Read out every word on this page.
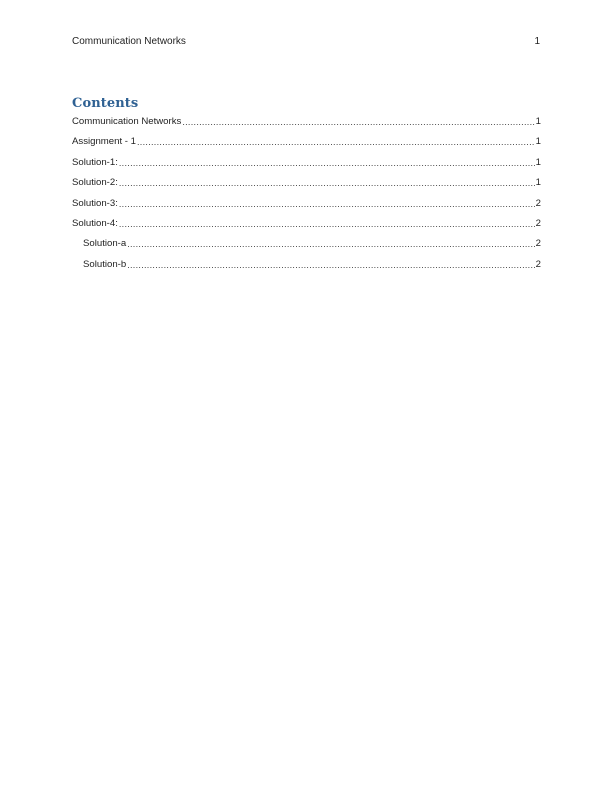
Communication Networks	1
Contents
Communication Networks .....	1
Assignment - 1 .....	1
Solution-1: .....	1
Solution-2: .....	1
Solution-3: .....	2
Solution-4: .....	2
Solution-a .....	2
Solution-b .....	2
